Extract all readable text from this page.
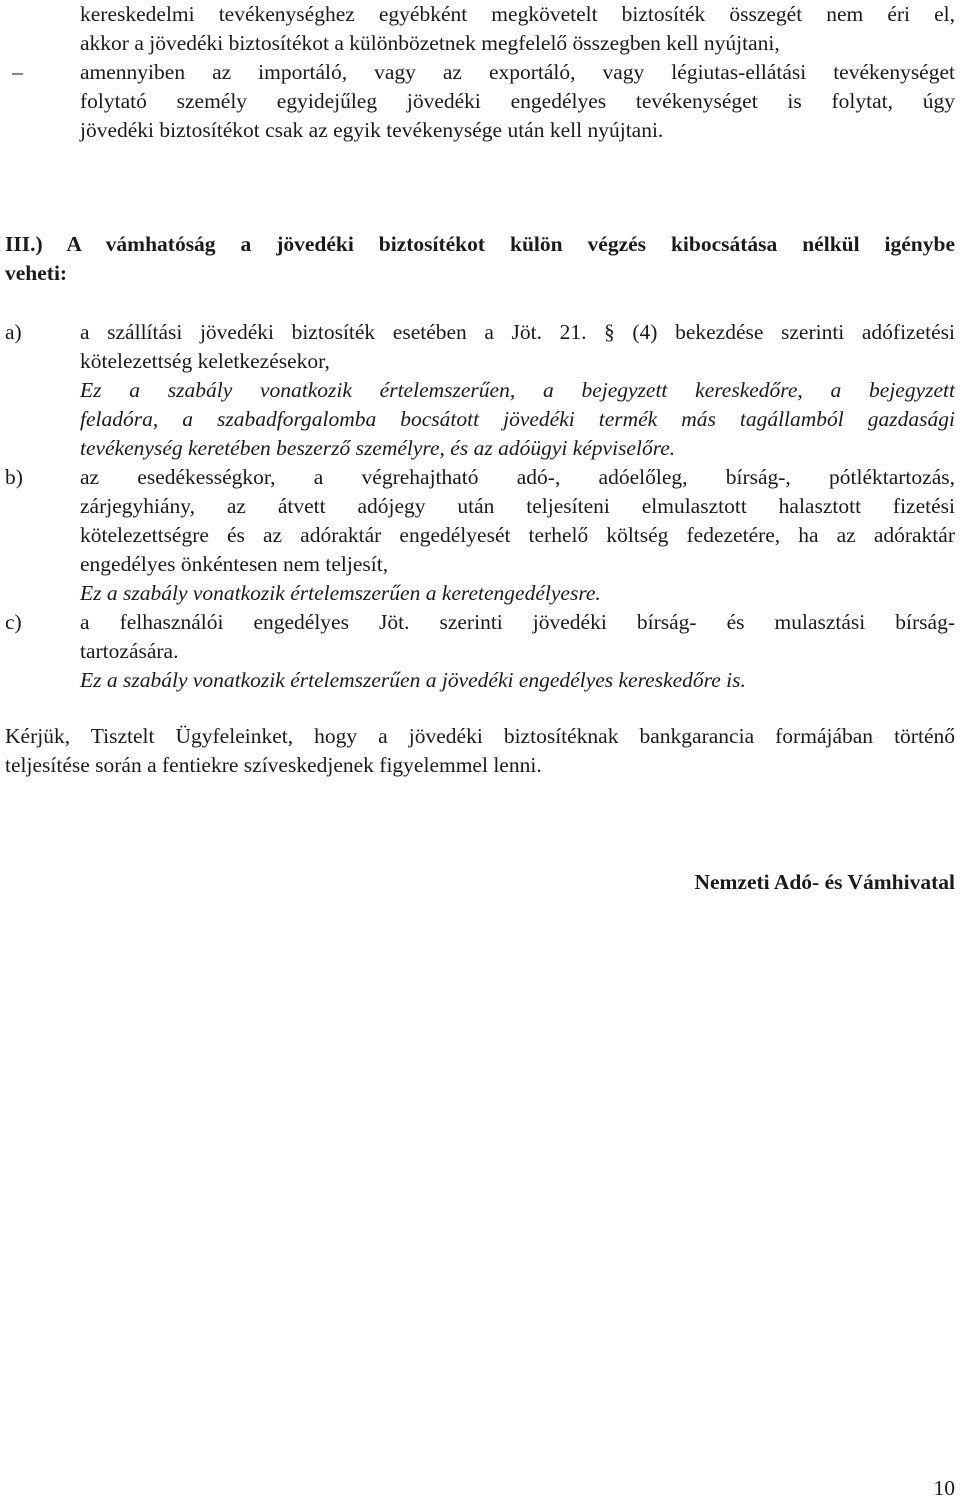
kereskedelmi tevékenységhez egyébként megkövetelt biztosíték összegét nem éri el,
akkor a jövedéki biztosítékot a különbözetnek megfelelő összegben kell nyújtani,
–	amennyiben az importáló, vagy az exportáló, vagy légiutas-ellátási tevékenységet
folytató személy egyidejűleg jövedéki engedélyes tevékenységet is folytat, úgy
jövedéki biztosítékot csak az egyik tevékenysége után kell nyújtani.
III.) A vámhatóság a jövedéki biztosítékot külön végzés kibocsátása nélkül igénybe
veheti:
a)	a szállítási jövedéki biztosíték esetében a Jöt. 21. § (4) bekezdése szerinti adófizetési
kötelezettség keletkezésekor,
Ez a szabály vonatkozik értelemszerűen, a bejegyzett kereskedőre, a bejegyzett
feladóra, a szabadforgalomba bocsátott jövedéki termék más tagállamból gazdasági
tevékenység keretében beszerző személyre, és az adóügyi képviselőre.
b)	az esedékességkor, a végrehajtható adó-, adóelőleg, bírság-, pótléktartozás,
zárjegyhiány, az átvett adójegy után teljesíteni elmulasztott halasztott fizetési
kötelezettségre és az adóraktár engedélyesét terhelő költség fedezetére, ha az adóraktár
engedélyes önkéntesen nem teljesít,
Ez a szabály vonatkozik értelemszerűen a keretengedélyesre.
c)	a felhasználói engedélyes Jöt. szerinti jövedéki bírság- és mulasztási bírság-
tartozására.
Ez a szabály vonatkozik értelemszerűen a jövedéki engedélyes kereskedőre is.
Kérjük, Tisztelt Ügyfeleinket, hogy a jövedéki biztosítéknak bankgarancia formájában történő
teljesítése során a fentiekre szíveskedjenek figyelemmel lenni.
Nemzeti Adó- és Vámhivatal
10
